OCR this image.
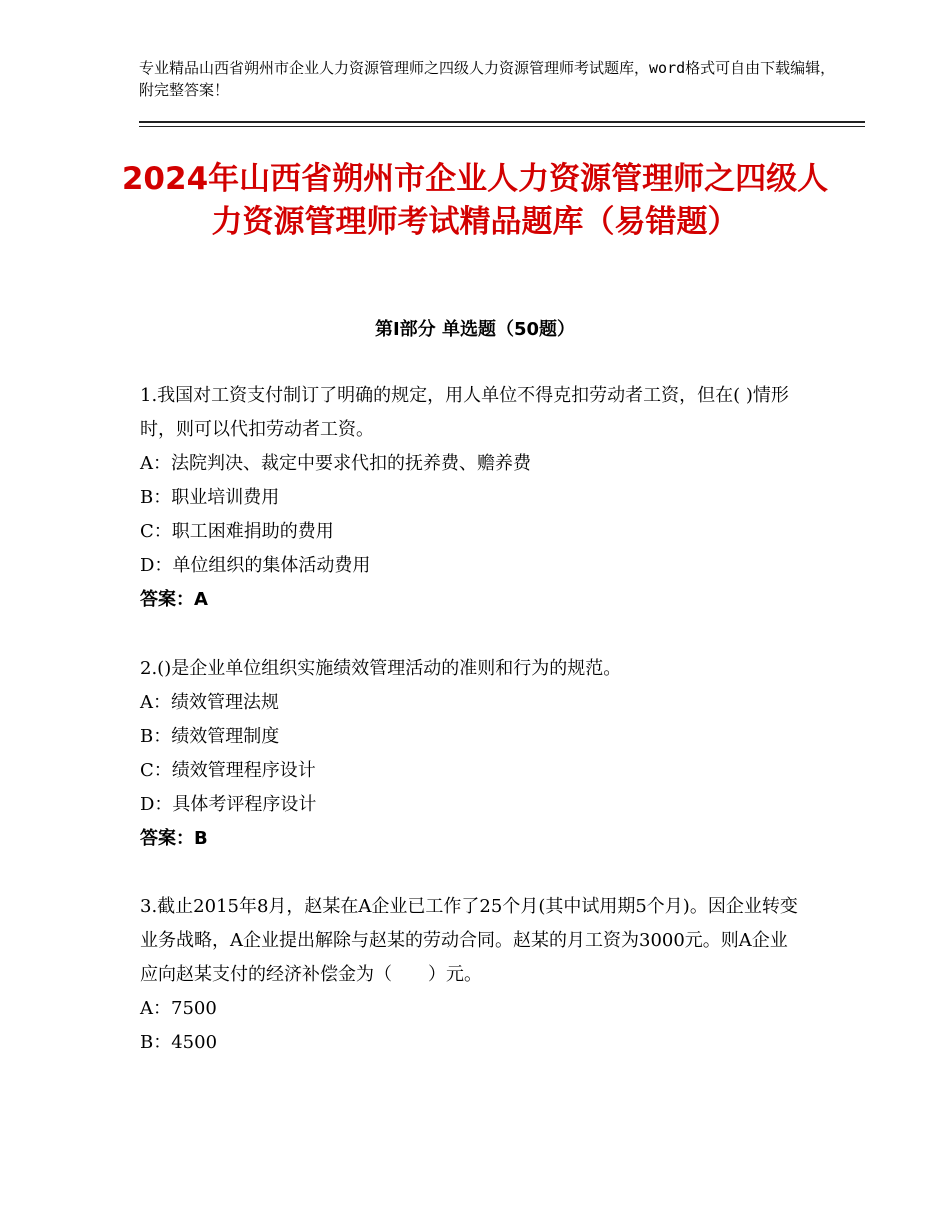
专业精品山西省朔州市企业人力资源管理师之四级人力资源管理师考试题库，word格式可自由下载编辑，附完整答案！
2024年山西省朔州市企业人力资源管理师之四级人力资源管理师考试精品题库（易错题）
第Ⅰ部分 单选题（50题）
1.我国对工资支付制订了明确的规定，用人单位不得克扣劳动者工资，但在( )情形时，则可以代扣劳动者工资。
A：法院判决、裁定中要求代扣的抚养费、赡养费
B：职业培训费用
C：职工困难捐助的费用
D：单位组织的集体活动费用
答案：A
2.()是企业单位组织实施绩效管理活动的准则和行为的规范。
A：绩效管理法规
B：绩效管理制度
C：绩效管理程序设计
D：具体考评程序设计
答案：B
3.截止2015年8月，赵某在A企业已工作了25个月(其中试用期5个月)。因企业转变业务战略，A企业提出解除与赵某的劳动合同。赵某的月工资为3000元。则A企业应向赵某支付的经济补偿金为（　　）元。
A：7500
B：4500
